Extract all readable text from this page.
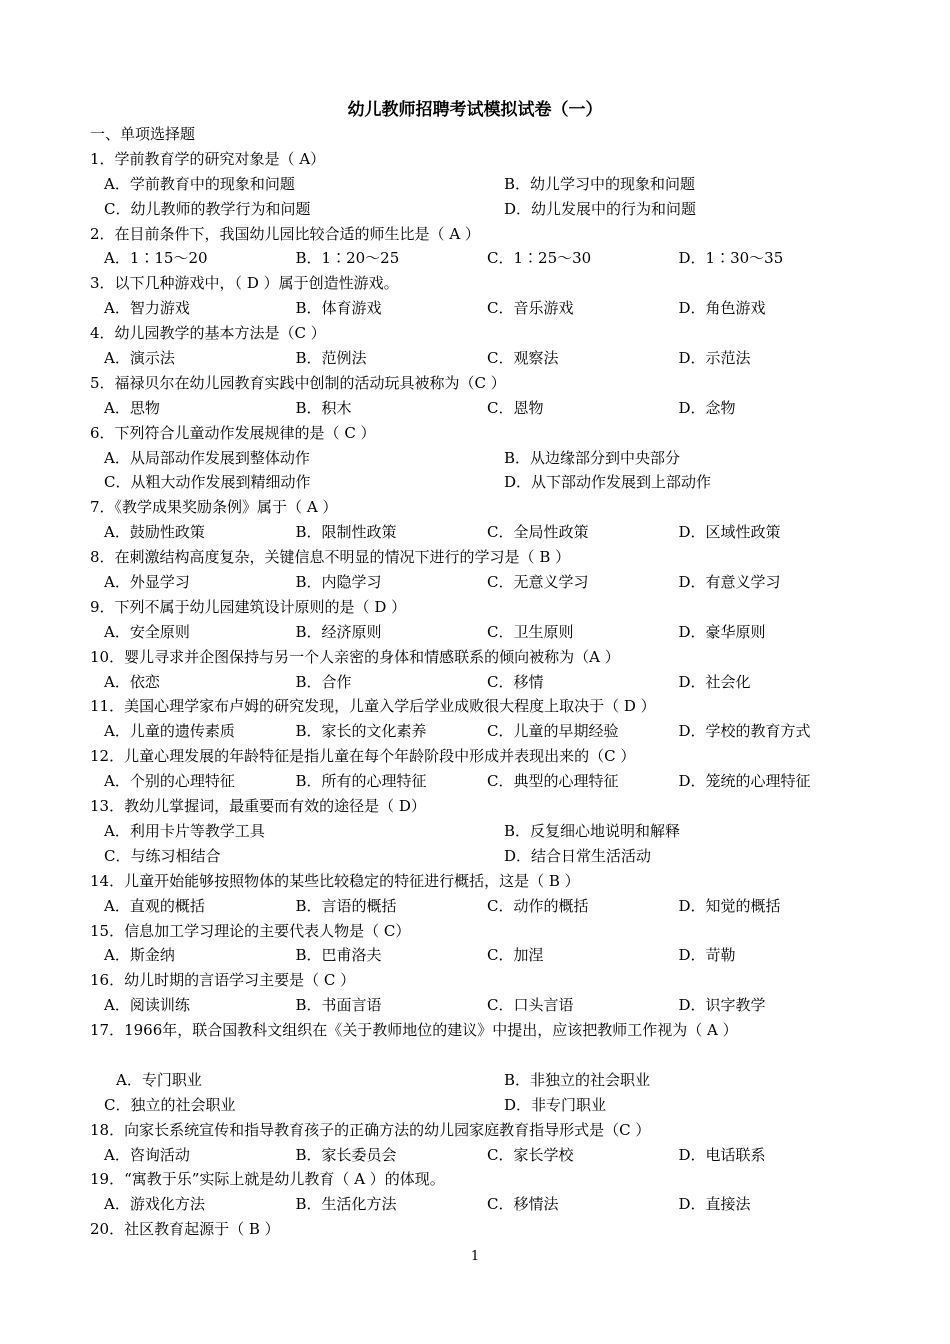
幼儿教师招聘考试模拟试卷（一）
一、单项选择题
1．学前教育学的研究对象是（ A）
A．学前教育中的现象和问题	B．幼儿学习中的现象和问题
C．幼儿教师的教学行为和问题	D．幼儿发展中的行为和问题
2．在目前条件下，我国幼儿园比较合适的师生比是（ A ）
A．1∶15～20	B．1∶20～25	C．1∶25～30	D．1∶30～35
3．以下几种游戏中，（ D ）属于创造性游戏。
A．智力游戏	B．体育游戏	C．音乐游戏	D．角色游戏
4．幼儿园教学的基本方法是（C ）
A．演示法	B．范例法	C．观察法	D．示范法
5．福禄贝尔在幼儿园教育实践中创制的活动玩具被称为（C ）
A．思物	B．积木	C．恩物	D．念物
6．下列符合儿童动作发展规律的是（ C ）
A．从局部动作发展到整体动作	B．从边缘部分到中央部分
C．从粗大动作发展到精细动作	D．从下部动作发展到上部动作
7．《教学成果奖励条例》属于（ A ）
A．鼓励性政策	B．限制性政策	C．全局性政策	D．区域性政策
8．在刺激结构高度复杂，关键信息不明显的情况下进行的学习是（ B ）
A．外显学习	B．内隐学习	C．无意义学习	D．有意义学习
9．下列不属于幼儿园建筑设计原则的是（ D ）
A．安全原则	B．经济原则	C．卫生原则	D．豪华原则
10．婴儿寻求并企图保持与另一个人亲密的身体和情感联系的倾向被称为（A ）
A．依恋	B．合作	C．移情	D．社会化
11．美国心理学家布卢姆的研究发现，儿童入学后学业成败很大程度上取决于（ D ）
A．儿童的遗传素质	B．家长的文化素养	C．儿童的早期经验	D．学校的教育方式
12．儿童心理发展的年龄特征是指儿童在每个年龄阶段中形成并表现出来的（C ）
A．个别的心理特征	B．所有的心理特征	C．典型的心理特征	D．笼统的心理特征
13．教幼儿掌握词，最重要而有效的途径是（ D）
A．利用卡片等教学工具	B．反复细心地说明和解释
C．与练习相结合	D．结合日常生活活动
14．儿童开始能够按照物体的某些比较稳定的特征进行概括，这是（ B ）
A．直观的概括	B．言语的概括	C．动作的概括	D．知觉的概括
15．信息加工学习理论的主要代表人物是（ C）
A．斯金纳	B．巴甫洛夫	C．加涅	D．苛勒
16．幼儿时期的言语学习主要是（ C ）
A．阅读训练	B．书面言语	C．口头言语	D．识字教学
17．1966年，联合国教科文组织在《关于教师地位的建议》中提出，应该把教师工作视为（ A ）
A．专门职业	B．非独立的社会职业
C．独立的社会职业	D．非专门职业
18．向家长系统宣传和指导教育孩子的正确方法的幼儿园家庭教育指导形式是（C ）
A．咨询活动	B．家长委员会	C．家长学校	D．电话联系
19．“寓教于乐”实际上就是幼儿教育（ A ）的体现。
A．游戏化方法	B．生活化方法	C．移情法	D．直接法
20．社区教育起源于（ B ）
1
